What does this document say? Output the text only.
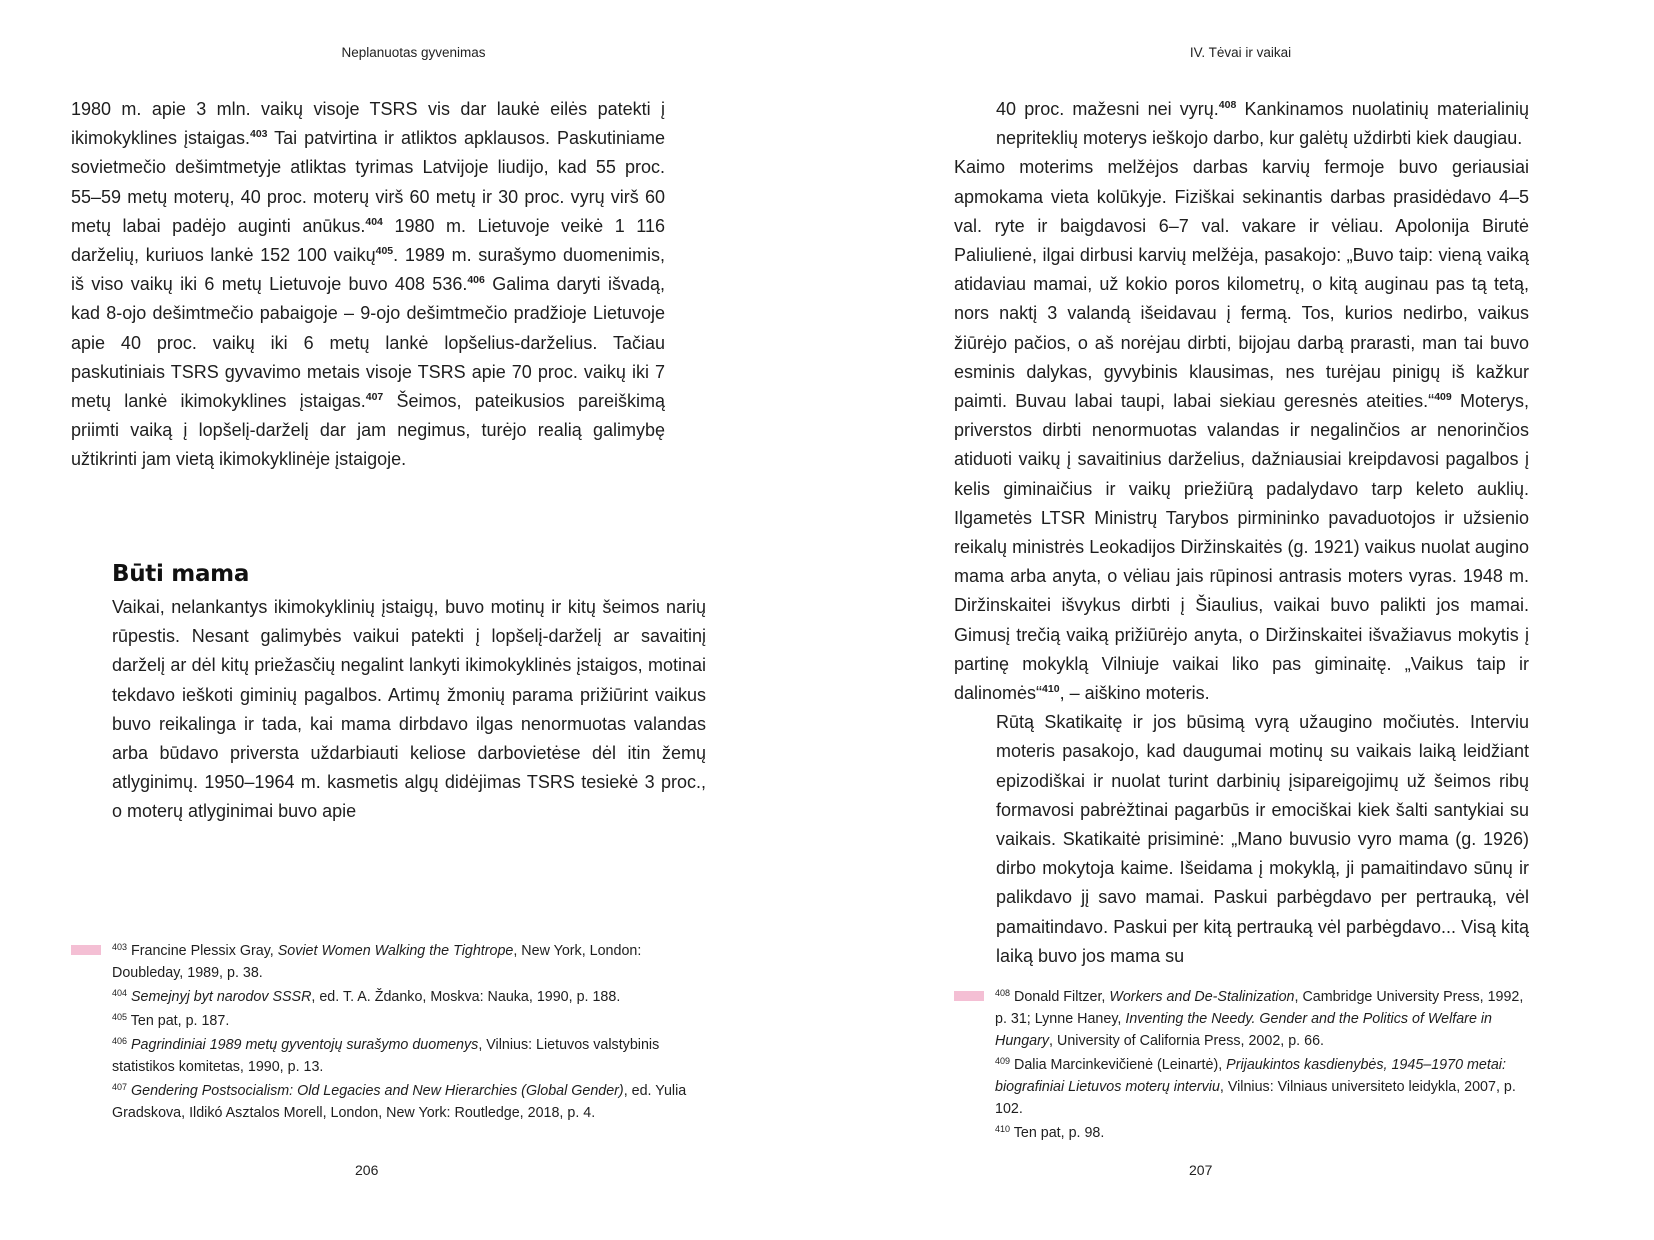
Neplanuotas gyvenimas
1980 m. apie 3 mln. vaikų visoje TSRS vis dar laukė eilės patekti į ikimokyklines įstaigas.$^{403}$ Tai patvirtina ir atliktos apklausos. Paskutiniame sovietmečio dešimtmetyje atliktas tyrimas Latvijoje liudijo, kad 55 proc. 55–59 metų moterų, 40 proc. moterų virš 60 metų ir 30 proc. vyrų virš 60 metų labai padėjo auginti anūkus.$^{404}$ 1980 m. Lietuvoje veikė 1 116 darželių, kuriuos lankė 152 100 vaikų$^{405}$. 1989 m. surašymo duomenimis, iš viso vaikų iki 6 metų Lietuvoje buvo 408 536.$^{406}$ Galima daryti išvadą, kad 8-ojo dešimtmečio pabaigoje – 9-ojo dešimtmečio pradžioje Lietuvoje apie 40 proc. vaikų iki 6 metų lankė lopšelius-darželius. Tačiau paskutiniais TSRS gyvavimo metais visoje TSRS apie 70 proc. vaikų iki 7 metų lankė ikimokyklines įstaigas.$^{407}$ Šeimos, pateikusios pareiškimą priimti vaiką į lopšelį-darželį dar jam negimus, turėjo realią galimybę užtikrinti jam vietą ikimokyklinėje įstaigoje.
Būti mama
Vaikai, nelankantys ikimokyklinių įstaigų, buvo motinų ir kitų šeimos narių rūpestis. Nesant galimybės vaikui patekti į lopšelį-darželį ar savaitinį darželį ar dėl kitų priežasčių negalint lankyti ikimokyklinės įstaigos, motinai tekdavo ieškoti giminių pagalbos. Artimų žmonių parama prižiūrint vaikus buvo reikalinga ir tada, kai mama dirbdavo ilgas nenormuotas valandas arba būdavo priversta uždarbiauti keliose darbovietėse dėl itin žemų atlyginimų. 1950–1964 m. kasmetis algų didėjimas TSRS tesiekė 3 proc., o moterų atlyginimai buvo apie

$^{403}$ Francine Plessix Gray, Soviet Women Walking the Tightrope, New York, London: Doubleday, 1989, p. 38.

$^{404}$ Semejnyj byt narodov SSSR, ed. T. A. Ždanko, Moskva: Nauka, 1990, p. 188.

$^{405}$ Ten pat, p. 187.

$^{406}$ Pagrindiniai 1989 metų gyventojų surašymo duomenys, Vilnius: Lietuvos valstybinis statistikos komitetas, 1990, p. 13.

$^{407}$ Gendering Postsocialism: Old Legacies and New Hierarchies (Global Gender), ed. Yulia Gradskova, Ildikó Asztalos Morell, London, New York: Routledge, 2018, p. 4.

206
IV. Tėvai ir vaikai

40 proc. mažesni nei vyrų.$^{408}$ Kankinamos nuolatinių materialinių nepriteklių moterys ieškojo darbo, kur galėtų uždirbti kiek daugiau.

Kaimo moterims melžėjos darbas karvių fermoje buvo geriausiai apmokama vieta kolūkyje. Fiziškai sekinantis darbas prasidėdavo 4–5 val. ryte ir baigdavosi 6–7 val. vakare ir vėliau. Apolonija Birutė Paliulienė, ilgai dirbusi karvių melžėja, pasakojo: „Buvo taip: vieną vaiką atidaviau mamai, už kokio poros kilometrų, o kitą auginau pas tą tetą, nors naktį 3 valandą išeidavau į fermą. Tos, kurios nedirbo, vaikus žiūrėjo pačios, o aš norėjau dirbti, bijojau darbą prarasti, man tai buvo esminis dalykas, gyvybinis klausimas, nes turėjau pinigų iš kažkur paimti. Buvau labai taupi, labai siekiau geresnės ateities.“$^{409}$ Moterys, priverstos dirbti nenormuotas valandas ir negalinčios ar nenorinčios atiduoti vaikų į savaitinius darželius, dažniausiai kreipdavosi pagalbos į kelis giminaičius ir vaikų priežiūrą padalydavo tarp keleto auklių. Ilgametės LTSR Ministrų Tarybos pirmininko pavaduotojos ir užsienio reikalų ministrės Leokadijos Diržinskaitės (g. 1921) vaikus nuolat augino mama arba anyta, o vėliau jais rūpinosi antrasis moters vyras. 1948 m. Diržinskaitei išvykus dirbti į Šiaulius, vaikai buvo palikti jos mamai. Gimusį trečią vaiką prižiūrėjo anyta, o Diržinskaitei išvažiavus mokytis į partinę mokyklą Vilniuje vaikai liko pas giminaitę. „Vaikus taip ir dalinomės“$^{410}$, – aiškino moteris.

Rūtą Skatikaitę ir jos būsimą vyrą užaugino močiutės. Interviu moteris pasakojo, kad daugumai motinų su vaikais laiką leidžiant epizodiškai ir nuolat turint darbinių įsipareigojimų už šeimos ribų formavosi pabrėžtinai pagarbūs ir emociškai kiek šalti santykiai su vaikais. Skatikaitė prisiminė: „Mano buvusio vyro mama (g. 1926) dirbo mokytoja kaime. Išeidama į mokyklą, ji pamaitindavo sūnų ir palikdavo jį savo mamai. Paskui parbėgdavo per pertrauką, vėl pamaitindavo. Paskui per kitą pertrauką vėl parbėgdavo... Visą kitą laiką buvo jos mama su

$^{408}$ Donald Filtzer, Workers and De-Stalinization, Cambridge University Press, 1992, p. 31; Lynne Haney, Inventing the Needy. Gender and the Politics of Welfare in Hungary, University of California Press, 2002, p. 66.

$^{409}$ Dalia Marcinkevičienė (Leinartė), Prijaukintos kasdienybės, 1945–1970 metai: biografiniai Lietuvos moterų interviu, Vilnius: Vilniaus universiteto leidykla, 2007, p. 102.

$^{410}$ Ten pat, p. 98.

207
